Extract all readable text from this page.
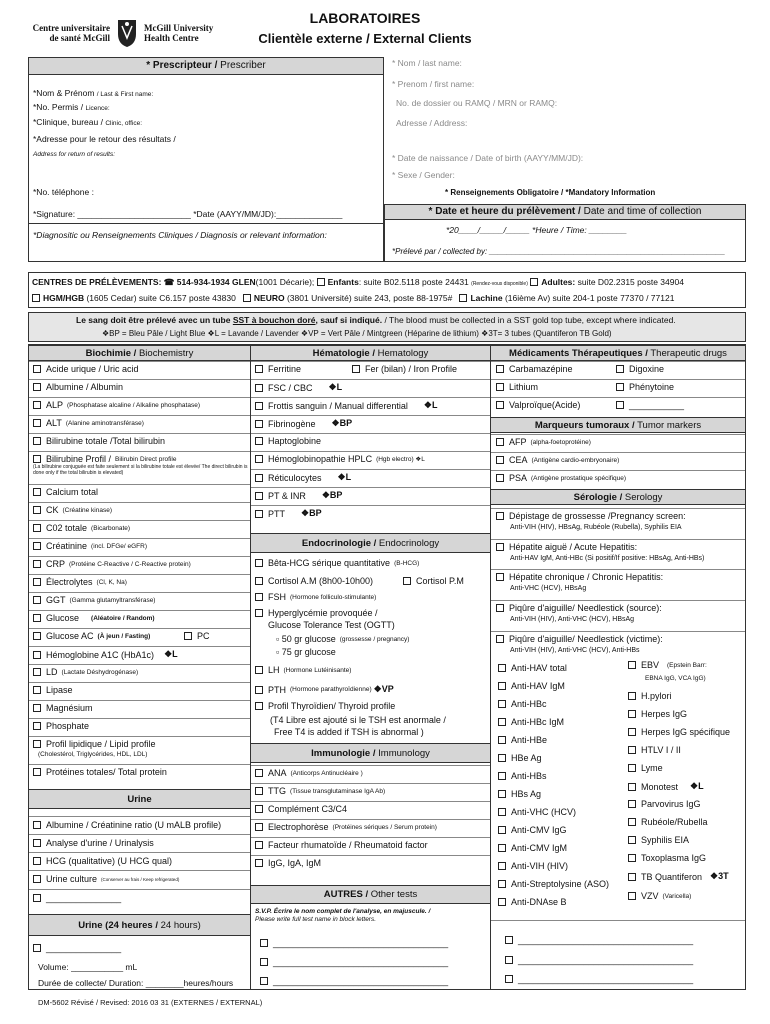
Centre universitaire de santé McGill
McGill University Health Centre
LABORATOIRES
Clientèle externe / External Clients
* Prescripteur / Prescriber
*Nom & Prénom / Last & First name:
*No. Permis / Licence:
*Clinique, bureau / Clinic, office:
*Adresse pour le retour des résultats /
Address for return of results:
*No. téléphone :
*Signature: ________________________ *Date (AAYY/MM/JD):______________
*Diagnositic ou Renseignements Cliniques / Diagnosis or relevant information:
* Nom / last name:
* Prenom / first name:
No. de dossier ou RAMQ / MRN or RAMQ:
Adresse / Address:
* Date de naissance / Date of birth (AAYY/MM/JD):
* Sexe / Gender:
* Renseignements Obligatoire / *Mandatory Information
* Date et heure du prélèvement / Date and time of collection
*20____/_____/_____ *Heure / Time: ________
*Prélevé par / collected by: _____________________________________________________
CENTRES DE PRÉLÈVEMENTS: ☎ 514-934-1934 GLEN(1001 Décarie); Enfants: suite B02.5118 poste 24431 (Rendez-vous disponible) Adultes: suite D02.2315 poste 34904
HGM/HGB (1605 Cedar) suite C6.157 poste 43830 NEURO (3801 Université) suite 243, poste 88-1975# Lachine (16ième Av) suite 204-1 poste 77370 / 77121
Le sang doit être prélevé avec un tube SST à bouchon doré, sauf si indiqué. / The blood must be collected in a SST gold top tube, except where indicated.
❖BP = Bleu Pâle / Light Blue ❖L = Lavande / Lavender ❖VP = Vert Pâle / Mintgreen (Héparine de lithium) ❖3T= 3 tubes (Quantiferon TB Gold)
Biochimie / Biochemistry
Acide urique / Uric acid
Albumine / Albumin
ALP (Phosphatase alcaline / Alkaline phosphatase)
ALT (Alanine aminotransférase)
Bilirubine totale /Total bilirubin
Bilirubine Profil / Bilirubin Direct profile
(La bilirubine conjuguée est faite seulement si la bilirubine totale est élevée/ The direct bilirubin is done only if the total bilirubin is elevated)
Calcium total
CK (Créatine kinase)
C02 totale (Bicarbonate)
Créatinine (incl. DFGe/ eGFR)
CRP (Protéine C-Reactive / C-Reactive protein)
Électrolytes (Cl, K, Na)
GGT (Gamma glutamyltransférase)
Glucose (Aléatoire / Random)
Glucose AC (À jeun / Fasting)	PC
Hémoglobine A1C (HbA1c) ❖L
LD (Lactate Déshydrogénase)
Lipase
Magnésium
Phosphate
Profil lipidique / Lipid profile
(Cholestérol, Triglycérides, HDL, LDL)
Protéines totales/ Total protein
Urine
Albumine / Créatinine ratio (U mALB profile)
Analyse d'urine / Urinalysis
HCG (qualitative) (U HCG qual)
Urine culture (Conserver au frais / Keep refrigerated)
_______________
Urine (24 heures / 24 hours)
_______________
Volume: ___________ mL
Durée de collecte/ Duration: ________heures/hours
Hématologie / Hematology
Ferritine	Fer (bilan) / Iron Profile
FSC / CBC ❖L
Frottis sanguin / Manual differential ❖L
Fibrinogène ❖BP
Haptoglobine
Hémoglobinopathie HPLC (Hgb electro) ❖L
Réticulocytes ❖L
PT & INR ❖BP
PTT ❖BP
Endocrinologie / Endocrinology
Bêta-HCG sérique quantitative (B-HCG)
Cortisol A.M (8h00-10h00)	Cortisol P.M
FSH (Hormone folliculo-stimulante)
Hyperglycémie provoquée /
Glucose Tolerance Test (OGTT)
▫ 50 gr glucose (grossesse / pregnancy)
▫ 75 gr glucose
LH (Hormone Lutéinisante)
PTH (Hormone parathyroïdienne) ❖VP
Profil Thyroïdien/ Thyroid profile
(T4 Libre est ajouté si le TSH est anormale /
Free T4 is added if TSH is abnormal )
Immunologie / Immunology
ANA (Anticorps Antinucléaire )
TTG (Tissue transglutaminase IgA Ab)
Complément C3/C4
Electrophorèse (Protéines sériques / Serum protein)
Facteur rhumatoïde / Rheumatoid factor
IgG, IgA, IgM
AUTRES / Other tests
S.V.P. Écrire le nom complet de l'analyse, en majuscule. /
Please write full test name in block letters.
___________________________________
___________________________________
___________________________________
Médicaments Thérapeutiques / Therapeutic drugs
Carbamazépine	Digoxine
Lithium	Phénytoine
Valproïque(Acide)	___________
Marqueurs tumoraux / Tumor markers
AFP (alpha-foetoprotéine)
CEA (Antigène cardio-embryonaire)
PSA (Antigène prostatique spécifique)
Sérologie / Serology
Dépistage de grossesse /Pregnancy screen:
Anti-VIH (HIV), HBsAg, Rubéole (Rubella), Syphilis EIA
Hépatite aiguë / Acute Hepatitis:
Anti-HAV IgM, Anti-HBc (Si positif/If positive: HBsAg, Anti-HBs)
Hépatite chronique / Chronic Hepatitis:
Anti-VHC (HCV), HBsAg
Piqûre d'aiguille/ Needlestick (source):
Anti-VIH (HIV), Anti-VHC (HCV), HBsAg
Piqûre d'aiguille/ Needlestick (victime):
Anti-VIH (HIV), Anti-VHC (HCV), Anti-HBs
Anti-HAV total
Anti-HAV IgM
Anti-HBc
Anti-HBc IgM
Anti-HBe
HBe Ag
Anti-HBs
HBs Ag
Anti-VHC (HCV)
Anti-CMV IgG
Anti-CMV IgM
Anti-VIH (HIV)
Anti-Streptolysine (ASO)
Anti-DNAse B
EBV (Epstein Barr:
H.pylori
Herpes IgG
Herpes IgG spécifique
HTLV I / II
Lyme
Monotest ❖L
Parvovirus IgG
Rubéole/Rubella
Syphilis EIA
Toxoplasma IgG
TB Quantiferon ❖3T
VZV (Varicella)
EBNA IgG, VCA IgG)
___________________________________
___________________________________
___________________________________
DM-5602 Révisé / Revised: 2016 03 31 (EXTERNES / EXTERNAL)
